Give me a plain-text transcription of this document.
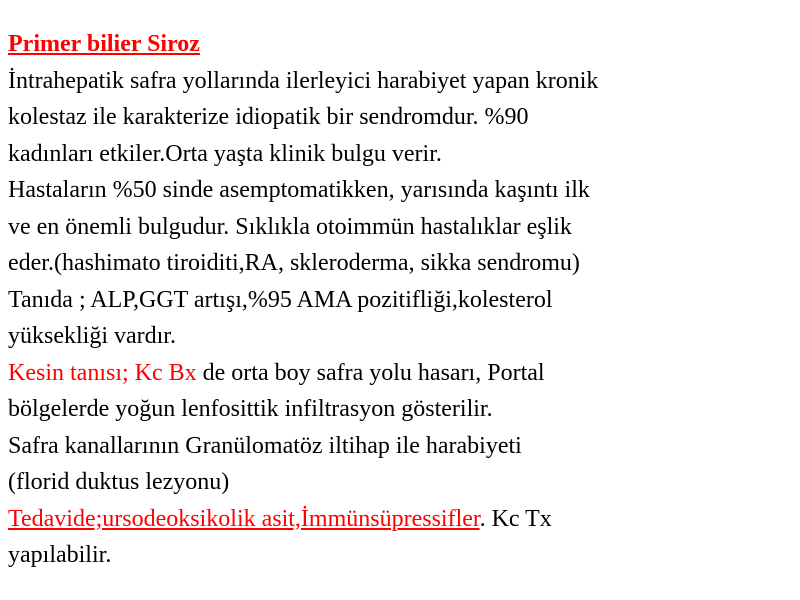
Primer bilier Siroz

İntrahepatik safra yollarında ilerleyici harabiyet yapan kronik
kolestaz ile karakterize idiopatik bir sendromdur. %90
kadınları etkiler.Orta yaşta klinik bulgu verir.

Hastaların %50 sinde asemptomatikken, yarısında kaşıntı ilk
ve en önemli bulgudur. Sıklıkla otoimmün hastalıklar eşlik
eder.(hashimato tiroiditi,RA, skleroderma, sikka sendromu)

Tanıda ; ALP,GGT artışı,%95 AMA pozitifliği,kolesterol
yüksekliği vardır.

Kesin tanısı; Kc Bx de orta boy safra yolu hasarı, Portal
bölgelerde yoğun lenfosittik infiltrasyon gösterilir.

Safra kanallarının Granülomatöz iltihap ile harabiyeti

(florid duktus lezyonu)

Tedavide;ursodeoksikolik asit,İmmünsüpressifler. Kc Tx
yapılabilir.
